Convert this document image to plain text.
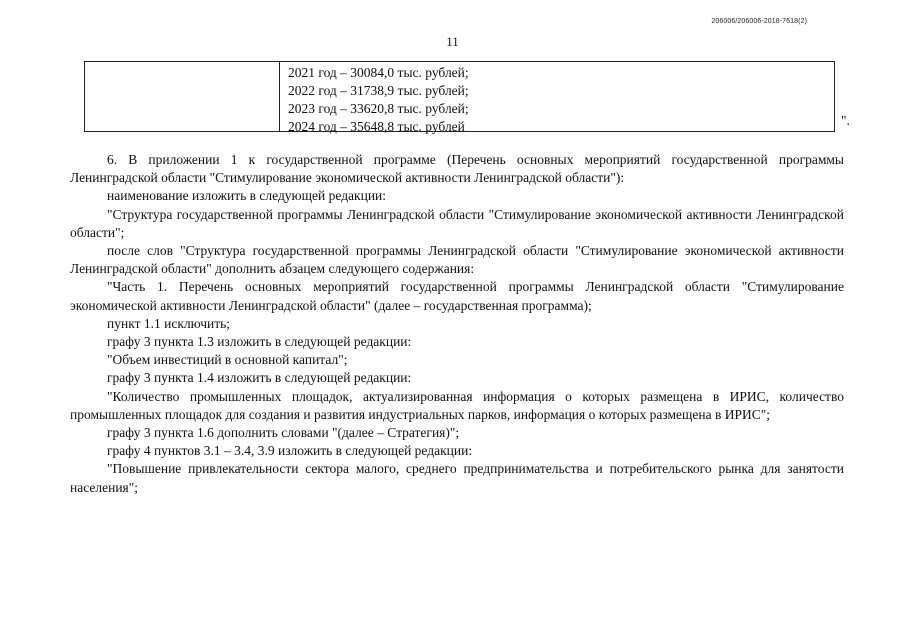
206006/206006-2018-7618(2)
11
2021 год – 30084,0 тыс. рублей;
2022 год – 31738,9 тыс. рублей;
2023 год – 33620,8 тыс. рублей;
2024 год – 35648,8 тыс. рублей	".

6. В приложении 1 к государственной программе (Перечень основных мероприятий государственной программы Ленинградской области "Стимулирование экономической активности Ленинградской области"):

наименование изложить в следующей редакции:

"Структура государственной программы Ленинградской области "Стимулирование экономической активности Ленинградской области";

после слов "Структура государственной программы Ленинградской области "Стимулирование экономической активности Ленинградской области" дополнить абзацем следующего содержания:

"Часть 1. Перечень основных мероприятий государственной программы Ленинградской области "Стимулирование экономической активности Ленинградской области" (далее – государственная программа);

пункт 1.1 исключить;

графу 3 пункта 1.3 изложить в следующей редакции:

"Объем инвестиций в основной капитал";

графу 3 пункта 1.4 изложить в следующей редакции:

"Количество промышленных площадок, актуализированная информация о которых размещена в ИРИС, количество промышленных площадок для создания и развития индустриальных парков, информация о которых размещена в ИРИС";

графу 3 пункта 1.6 дополнить словами "(далее – Стратегия)";

графу 4 пунктов 3.1 – 3.4, 3.9 изложить в следующей редакции:

"Повышение привлекательности сектора малого, среднего предпринимательства и потребительского рынка для занятости населения";
